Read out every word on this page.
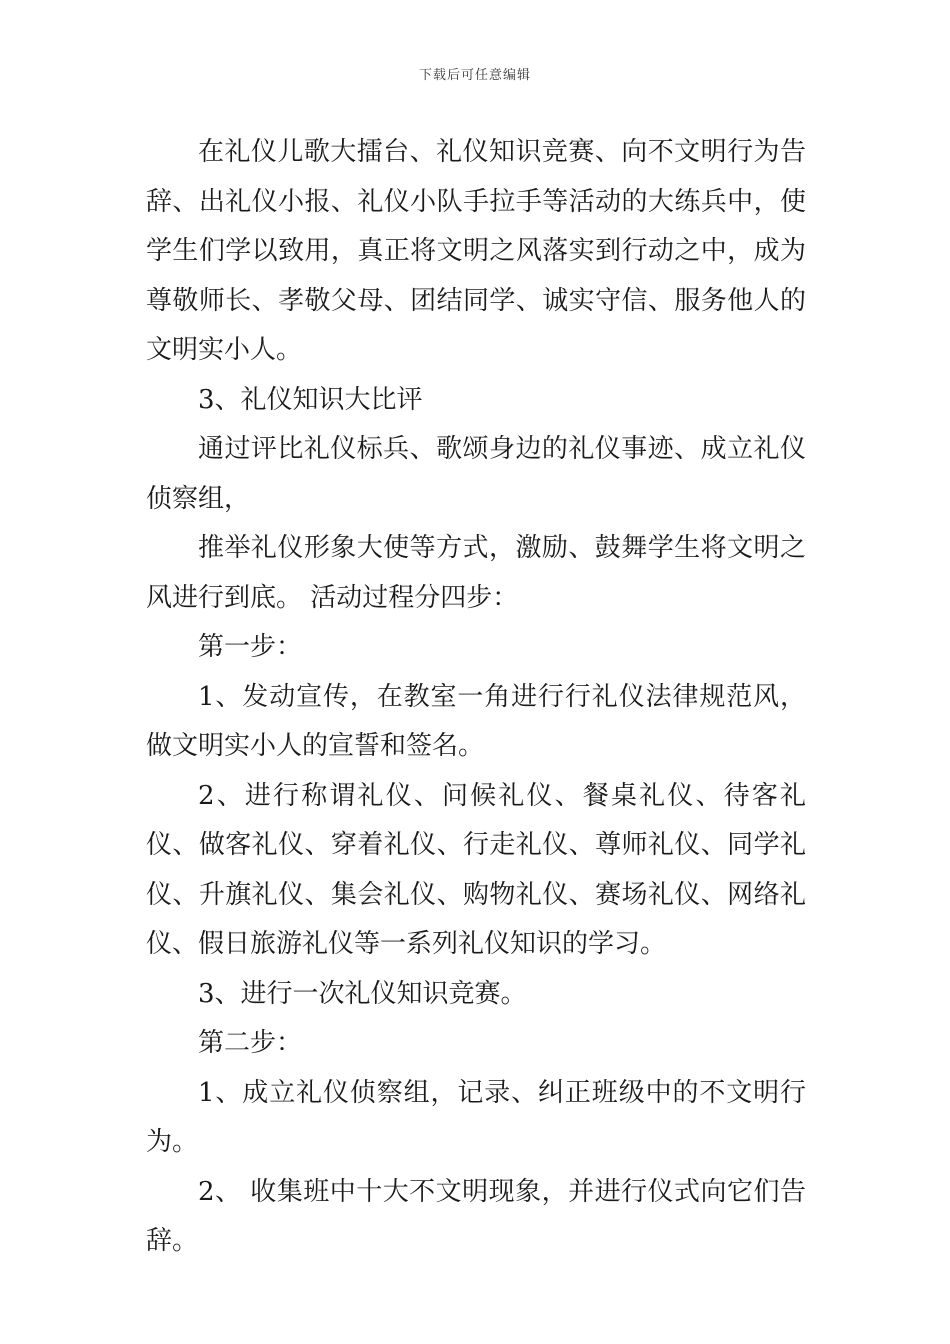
下载后可任意编辑

在礼仪儿歌大擂台、礼仪知识竞赛、向不文明行为告辞、出礼仪小报、礼仪小队手拉手等活动的大练兵中，使学生们学以致用，真正将文明之风落实到行动之中，成为尊敬师长、孝敬父母、团结同学、诚实守信、服务他人的文明实小人。

3、礼仪知识大比评

通过评比礼仪标兵、歌颂身边的礼仪事迹、成立礼仪侦察组，

推举礼仪形象大使等方式，激励、鼓舞学生将文明之风进行到底。 活动过程分四步：

第一步：

1、发动宣传，在教室一角进行行礼仪法律规范风，做文明实小人的宣誓和签名。

2、进行称谓礼仪、问候礼仪、餐桌礼仪、待客礼仪、做客礼仪、穿着礼仪、行走礼仪、尊师礼仪、同学礼仪、升旗礼仪、集会礼仪、购物礼仪、赛场礼仪、网络礼仪、假日旅游礼仪等一系列礼仪知识的学习。

3、进行一次礼仪知识竞赛。

第二步：

1、成立礼仪侦察组，记录、纠正班级中的不文明行为。

2、 收集班中十大不文明现象，并进行仪式向它们告辞。
